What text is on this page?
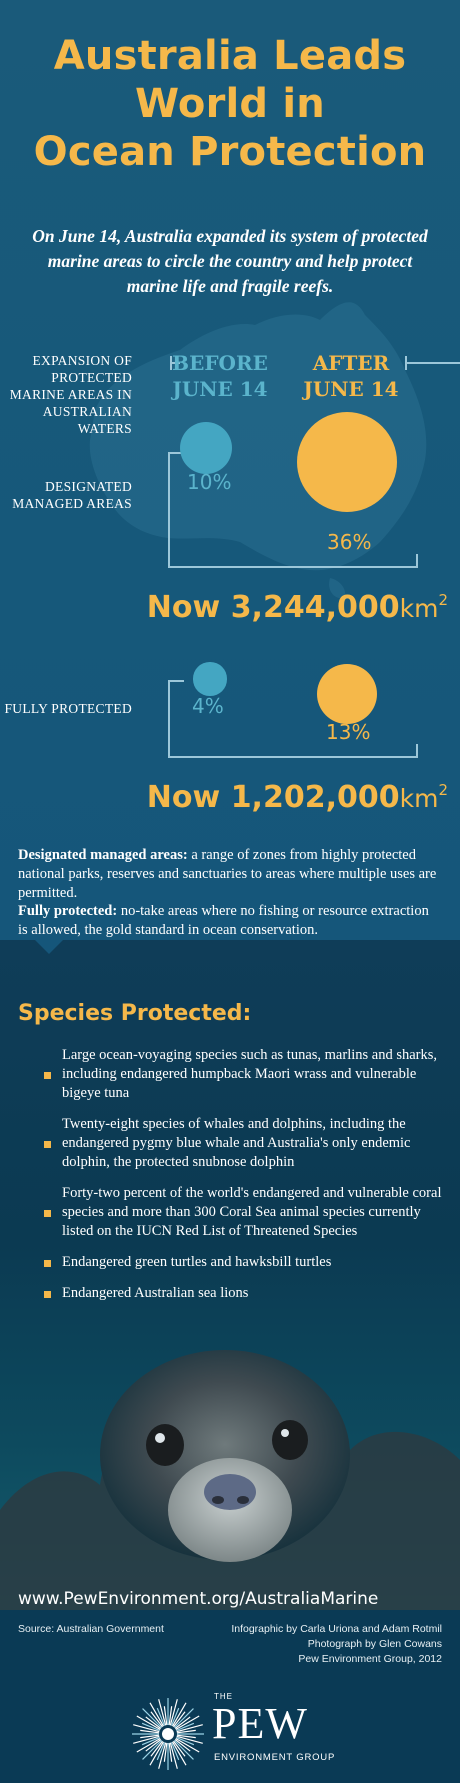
Australia Leads
World in
Ocean Protection
On June 14, Australia expanded its system of protected marine areas to circle the country and help protect marine life and fragile reefs.
EXPANSION OF PROTECTED MARINE AREAS IN AUSTRALIAN WATERS
BEFORE
JUNE 14
AFTER
JUNE 14
DESIGNATED MANAGED AREAS
10%
36%
Now $3,244,000km^2$
FULLY PROTECTED	4%
13%
Now $1,202,000km^2$
Designated managed areas: a range of zones from highly protected national parks, reserves and sanctuaries to areas where multiple uses are permitted.
Fully protected: no-take areas where no fishing or resource extraction is allowed, the gold standard in ocean conservation.
Species Protected:
Large ocean-voyaging species such as tunas, marlins and sharks, including endangered humpback Maori wrass and vulnerable bigeye tuna
Twenty-eight species of whales and dolphins, including the endangered pygmy blue whale and Australia's only endemic dolphin, the protected snubnose dolphin
Forty-two percent of the world's endangered and vulnerable coral species and more than 300 Coral Sea animal species currently listed on the IUCN Red List of Threatened Species
Endangered green turtles and hawksbill turtles
Endangered Australian sea lions
www.PewEnvironment.org/AustraliaMarine
Source: Australian Government	Infographic by Carla Uriona and Adam Rotmil
Photograph by Glen Cowans
Pew Environment Group, 2012
THE
PEW
ENVIRONMENT GROUP
